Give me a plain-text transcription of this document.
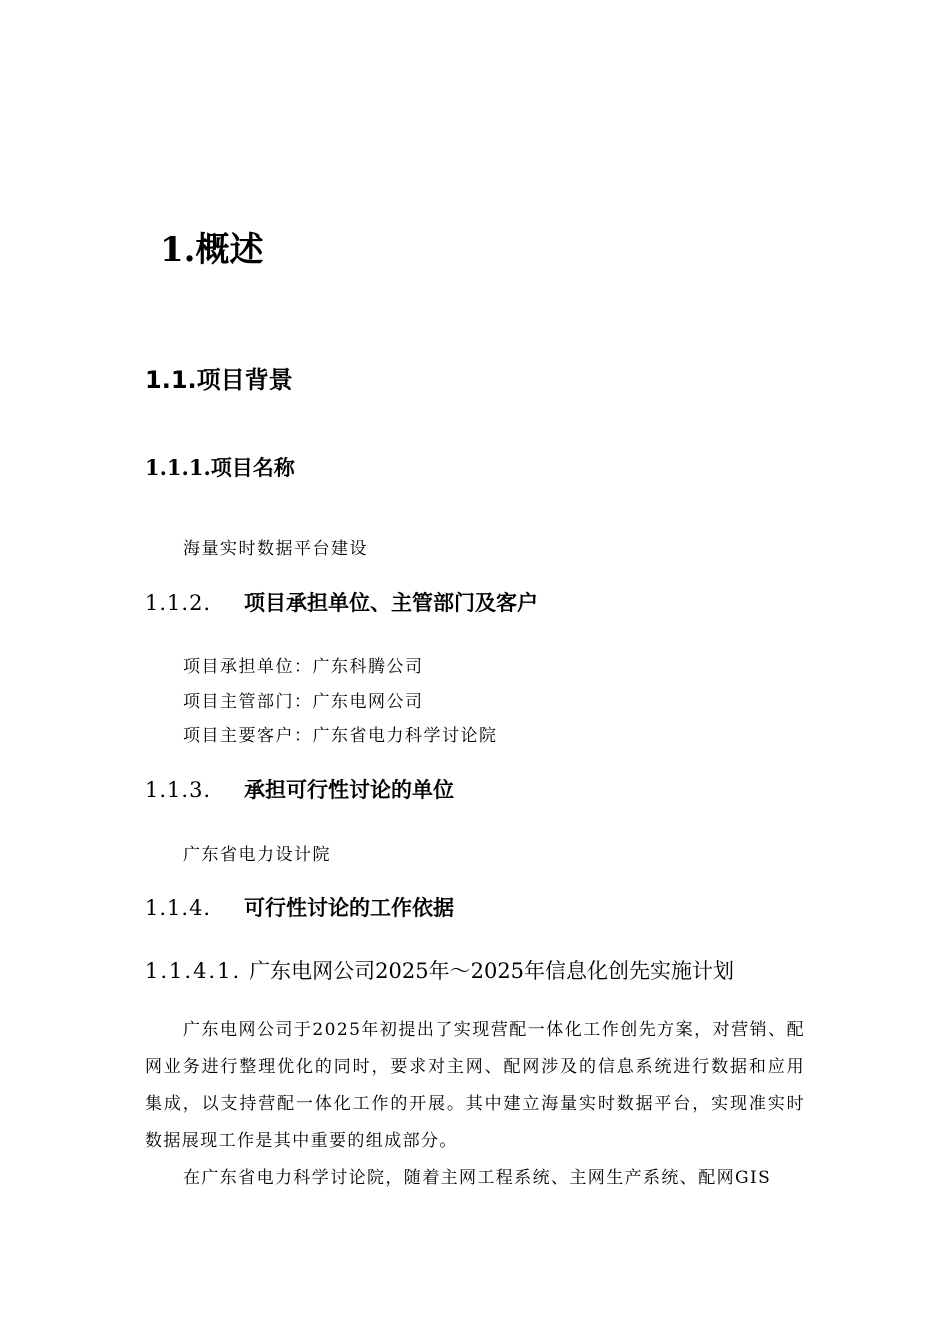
1.概述
1.1.项目背景
1.1.1.项目名称
海量实时数据平台建设
1.1.2. 项目承担单位、主管部门及客户
项目承担单位：广东科腾公司
项目主管部门：广东电网公司
项目主要客户：广东省电力科学讨论院
1.1.3. 承担可行性讨论的单位
广东省电力设计院
1.1.4. 可行性讨论的工作依据
1.1.4.1. 广东电网公司2025年～2025年信息化创先实施计划
广东电网公司于2025年初提出了实现营配一体化工作创先方案，对营销、配网业务进行整理优化的同时，要求对主网、配网涉及的信息系统进行数据和应用集成，以支持营配一体化工作的开展。其中建立海量实时数据平台，实现准实时数据展现工作是其中重要的组成部分。
在广东省电力科学讨论院，随着主网工程系统、主网生产系统、配网GIS
